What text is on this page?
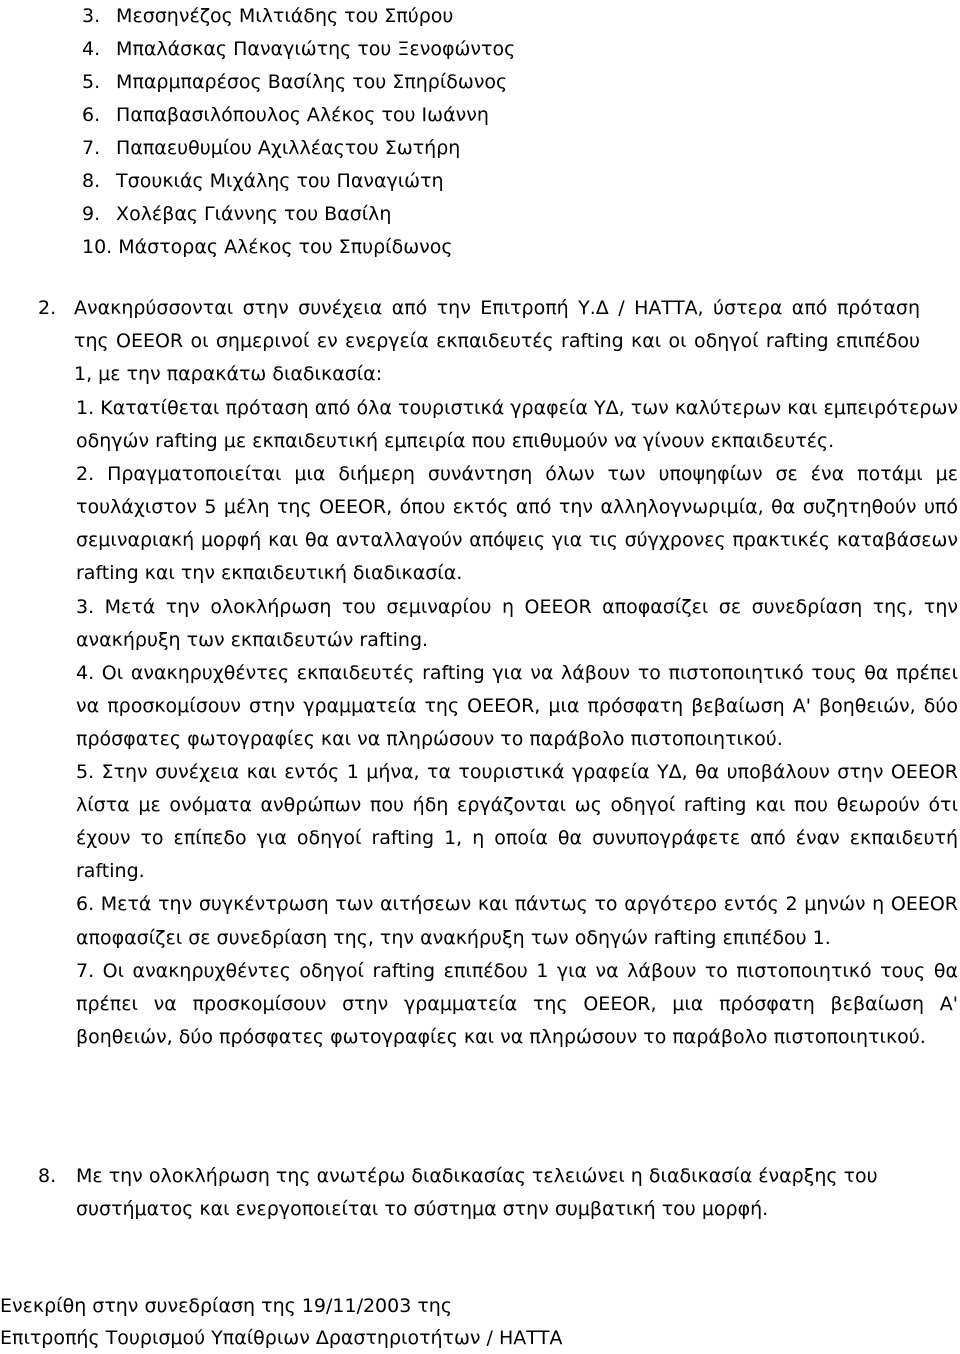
3. Μεσσηνέζος Μιλτιάδης του Σπύρου
4. Μπαλάσκας Παναγιώτης του Ξενοφώντος
5. Μπαρμπαρέσος Βασίλης του Σπηρίδωνος
6. Παπαβασιλόπουλος Αλέκος του Ιωάννη
7. Παπαευθυμίου Αχιλλέαςτου Σωτήρη
8. Τσουκιάς Μιχάλης του Παναγιώτη
9. Χολέβας Γιάννης του Βασίλη
10. Μάστορας Αλέκος του Σπυρίδωνος
2. Ανακηρύσσονται στην συνέχεια από την Επιτροπή Υ.Δ / ΗΑΤΤΑ, ύστερα από πρόταση της ΟΕΕΟR οι σημερινοί εν ενεργεία εκπαιδευτές rafting και οι οδηγοί rafting επιπέδου 1, με την παρακάτω διαδικασία:

1. Κατατίθεται πρόταση από όλα τουριστικά γραφεία ΥΔ, των καλύτερων και εμπειρότερων οδηγών rafting με εκπαιδευτική εμπειρία που επιθυμούν να γίνουν εκπαιδευτές.

2. Πραγματοποιείται μια διήμερη συνάντηση όλων των υποψηφίων σε ένα ποτάμι με τουλάχιστον 5 μέλη της ΟΕΕΟR, όπου εκτός από την αλληλογνωριμία, θα συζητηθούν υπό σεμιναριακή μορφή και θα ανταλλαγούν απόψεις για τις σύγχρονες πρακτικές καταβάσεων rafting και την εκπαιδευτική διαδικασία.

3. Μετά την ολοκλήρωση του σεμιναρίου η ΟΕΕΟR αποφασίζει σε συνεδρίαση της, την ανακήρυξη των εκπαιδευτών rafting.

4. Οι ανακηρυχθέντες εκπαιδευτές rafting για να λάβουν το πιστοποιητικό τους θα πρέπει να προσκομίσουν στην γραμματεία της ΟΕΕΟR, μια πρόσφατη βεβαίωση Α' βοηθειών, δύο πρόσφατες φωτογραφίες και να πληρώσουν το παράβολο πιστοποιητικού.

5. Στην συνέχεια και εντός 1 μήνα, τα τουριστικά γραφεία ΥΔ, θα υποβάλουν στην ΟΕΕΟR λίστα με ονόματα ανθρώπων που ήδη εργάζονται ως οδηγοί rafting και που θεωρούν ότι έχουν το επίπεδο για οδηγοί rafting 1, η οποία θα συνυπογράφετε από έναν εκπαιδευτή rafting.

6. Μετά την συγκέντρωση των αιτήσεων και πάντως το αργότερο εντός 2 μηνών η ΟΕΕΟR αποφασίζει σε συνεδρίαση της, την ανακήρυξη των οδηγών rafting επιπέδου 1.

7. Οι ανακηρυχθέντες οδηγοί rafting επιπέδου 1 για να λάβουν το πιστοποιητικό τους θα πρέπει να προσκομίσουν στην γραμματεία της ΟΕΕΟR, μια πρόσφατη βεβαίωση Α' βοηθειών, δύο πρόσφατες φωτογραφίες και να πληρώσουν το παράβολο πιστοποιητικού.

8.	Με την ολοκλήρωση της ανωτέρω διαδικασίας τελειώνει η διαδικασία έναρξης του συστήματος και ενεργοποιείται το σύστημα στην συμβατική του μορφή.
Ενεκρίθη στην συνεδρίαση της 19/11/2003 της
Επιτροπής Τουρισμού Υπαίθριων Δραστηριοτήτων / ΗΑΤΤΑ
